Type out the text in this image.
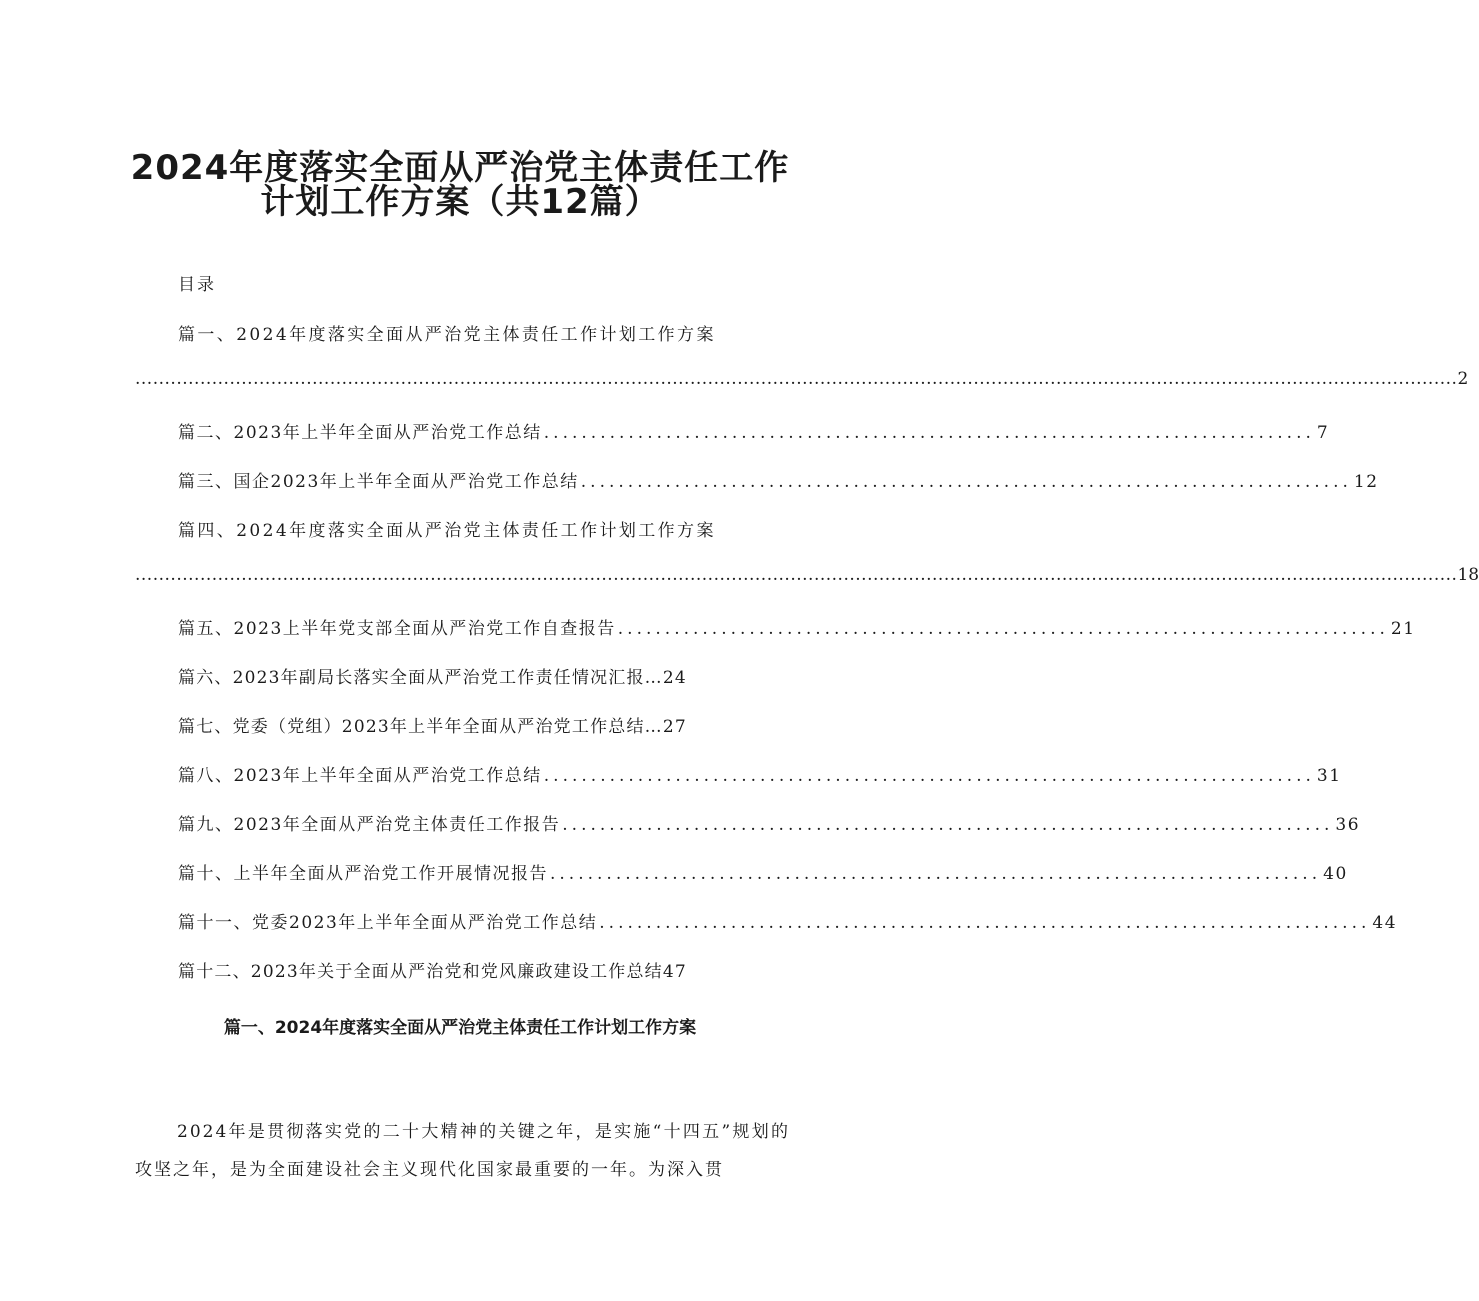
2024年度落实全面从严治党主体责任工作
计划工作方案（共12篇）
目录
篇一、2024年度落实全面从严治党主体责任工作计划工作方案
................................................................................................................................................................................................................................ 2
篇二、2023年上半年全面从严治党工作总结 .................................................................................. 7
篇三、国企2023年上半年全面从严治党工作总结 .................................................................................. 12
篇四、2024年度落实全面从严治党主体责任工作计划工作方案
................................................................................................................................................................................................................................ 18
篇五、2023上半年党支部全面从严治党工作自查报告 .................................................................................. 21
篇六、2023年副局长落实全面从严治党工作责任情况汇报… 24
篇七、党委（党组）2023年上半年全面从严治党工作总结… 27
篇八、2023年上半年全面从严治党工作总结 .................................................................................. 31
篇九、2023年全面从严治党主体责任工作报告 .................................................................................. 36
篇十、上半年全面从严治党工作开展情况报告 .................................................................................. 40
篇十一、党委2023年上半年全面从严治党工作总结 .................................................................................. 44
篇十二、2023年关于全面从严治党和党风廉政建设工作总结 47
篇一、2024年度落实全面从严治党主体责任工作计划工作方案
2024年是贯彻落实党的二十大精神的关键之年，是实施“十四五”规划的攻坚之年，是为全面建设社会主义现代化国家最重要的一年。为深入贯
